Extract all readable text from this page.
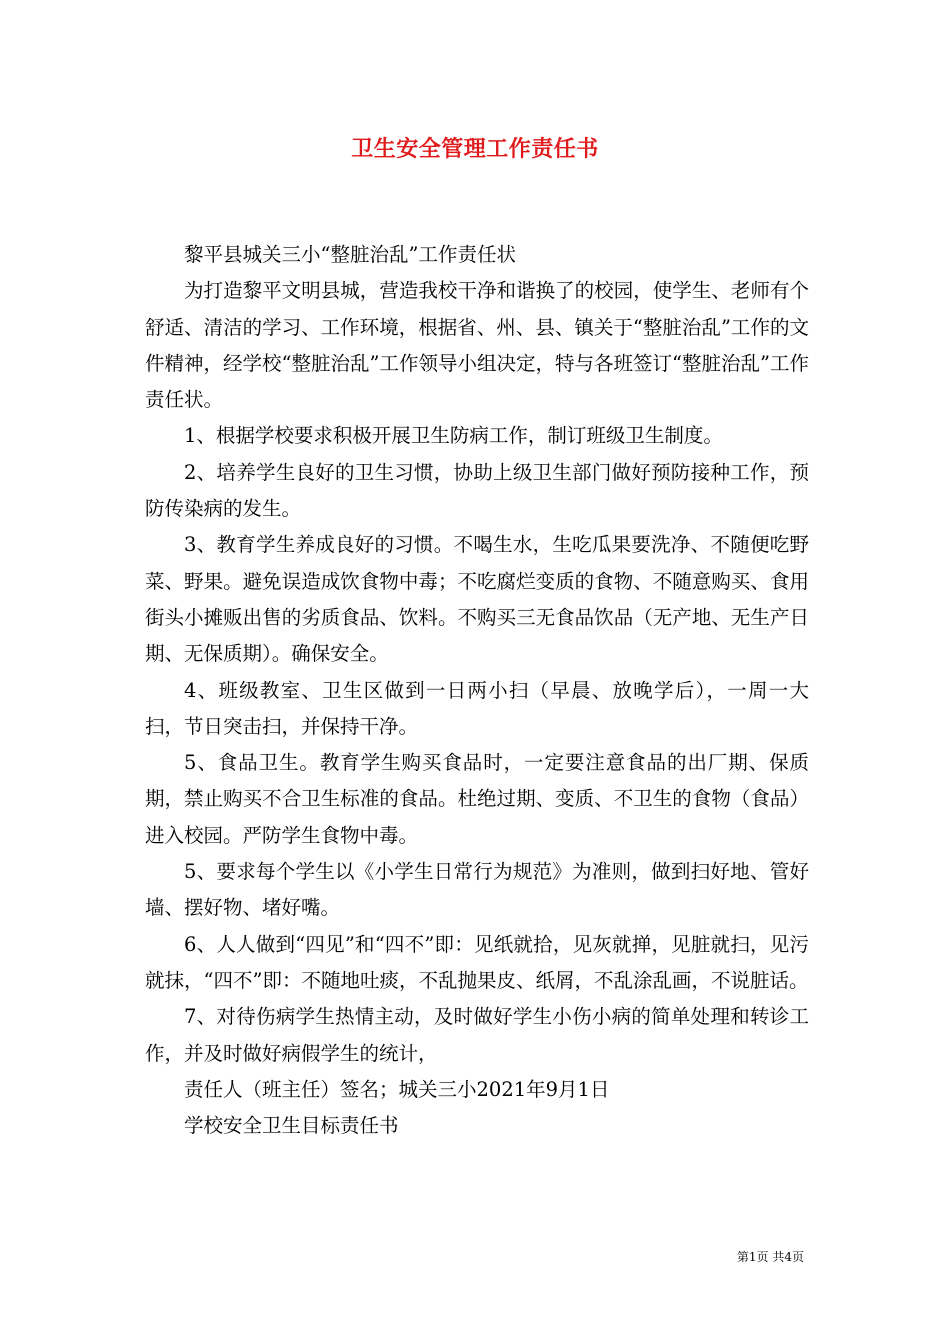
卫生安全管理工作责任书

黎平县城关三小“整脏治乱”工作责任状

为打造黎平文明县城，营造我校干净和谐换了的校园，使学生、老师有个舒适、清洁的学习、工作环境，根据省、州、县、镇关于“整脏治乱”工作的文件精神，经学校“整脏治乱”工作领导小组决定，特与各班签订“整脏治乱”工作责任状。

1、根据学校要求积极开展卫生防病工作，制订班级卫生制度。

2、培养学生良好的卫生习惯，协助上级卫生部门做好预防接种工作，预防传染病的发生。

3、教育学生养成良好的习惯。不喝生水，生吃瓜果要洗净、不随便吃野菜、野果。避免误造成饮食物中毒；不吃腐烂变质的食物、不随意购买、食用街头小摊贩出售的劣质食品、饮料。不购买三无食品饮品（无产地、无生产日期、无保质期）。确保安全。

4、班级教室、卫生区做到一日两小扫（早晨、放晚学后），一周一大扫，节日突击扫，并保持干净。

5、食品卫生。教育学生购买食品时，一定要注意食品的出厂期、保质期，禁止购买不合卫生标准的食品。杜绝过期、变质、不卫生的食物（食品）进入校园。严防学生食物中毒。

5、要求每个学生以《小学生日常行为规范》为准则，做到扫好地、管好墙、摆好物、堵好嘴。

6、人人做到“四见”和“四不”即：见纸就拾，见灰就掸，见脏就扫，见污就抹，“四不”即：不随地吐痰，不乱抛果皮、纸屑，不乱涂乱画，不说脏话。

7、对待伤病学生热情主动，及时做好学生小伤小病的简单处理和转诊工作，并及时做好病假学生的统计，

责任人（班主任）签名；城关三小2021年9月1日

学校安全卫生目标责任书

第1页 共4页
